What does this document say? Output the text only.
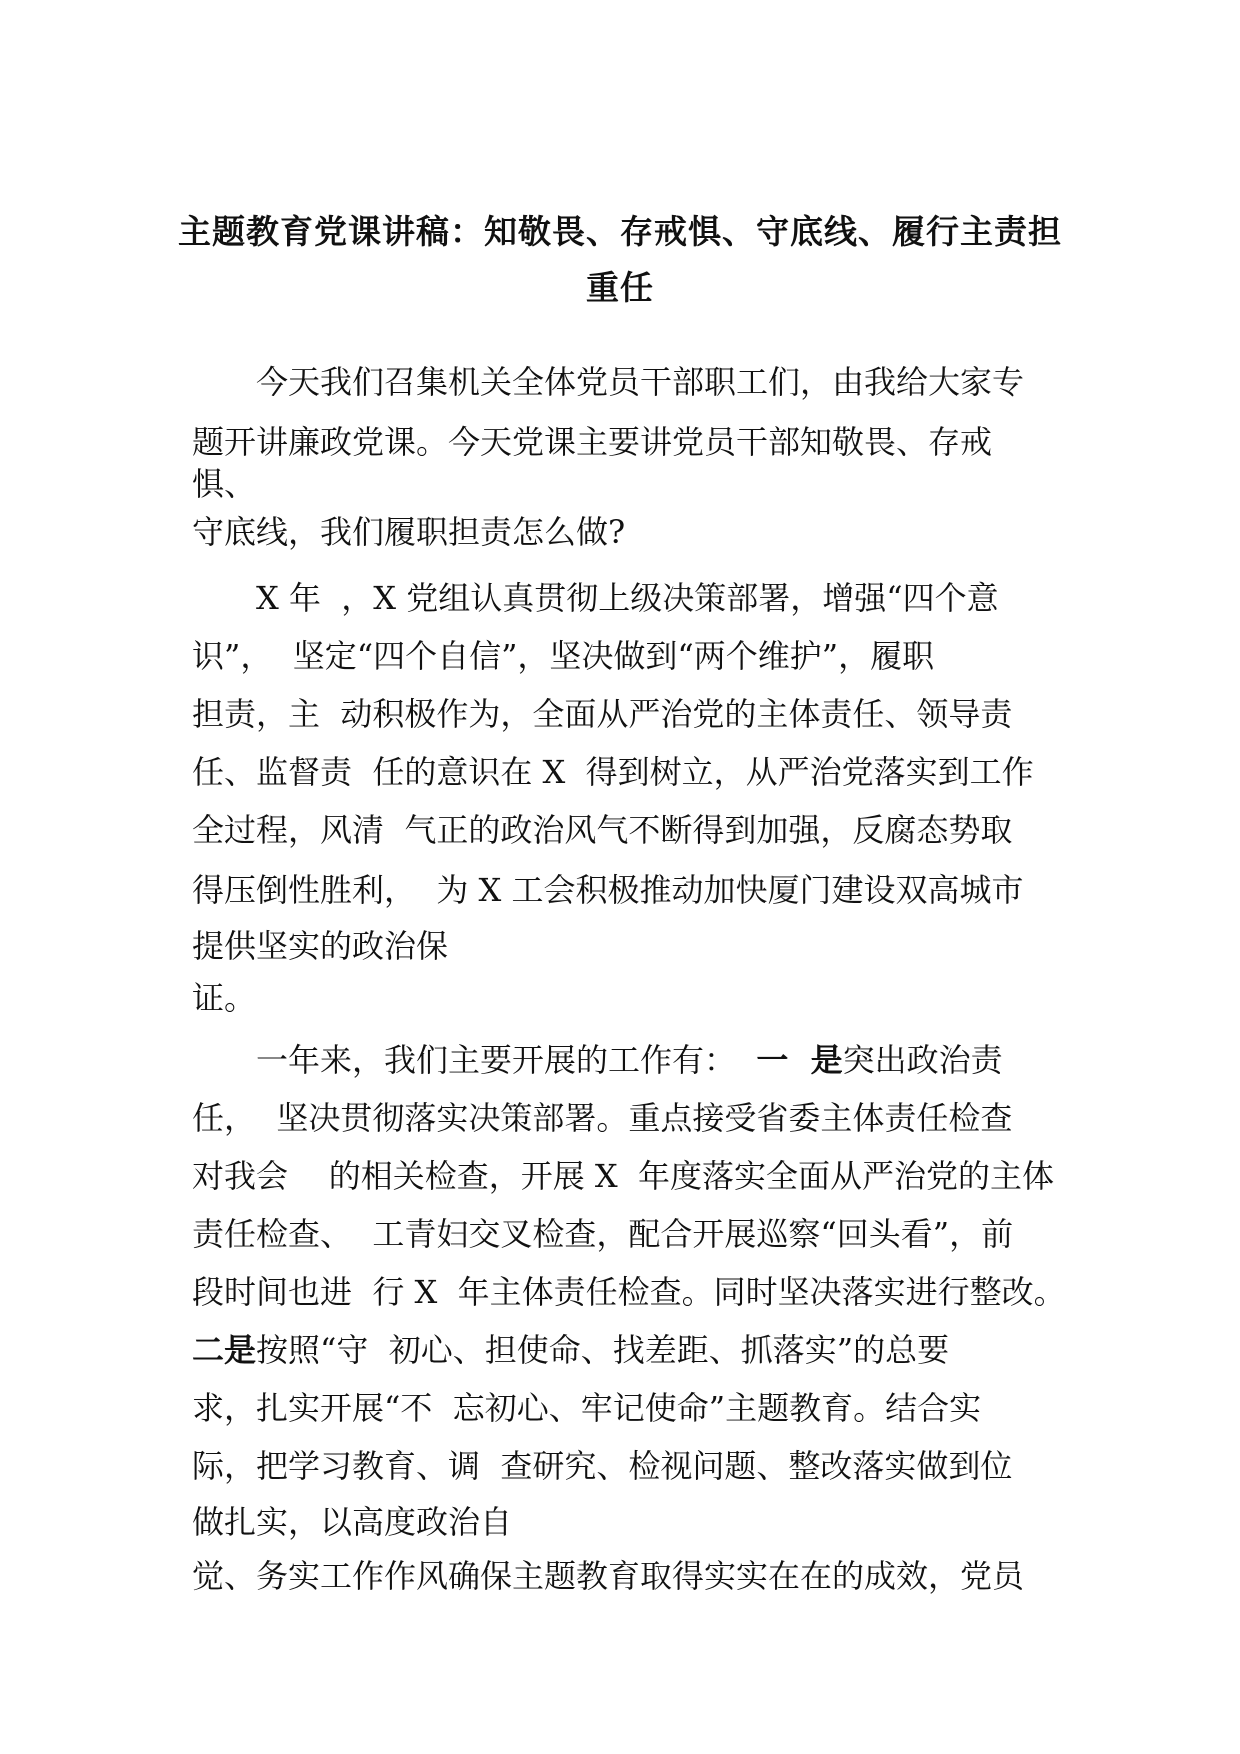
主题教育党课讲稿：知敬畏、存戒惧、守底线、履行主责担
重任

今天我们召集机关全体党员干部职工们，由我给大家专

题开讲廉政党课。今天党课主要讲党员干部知敬畏、存戒

惧、

守底线，我们履职担责怎么做?

X 年  ，X 党组认真贯彻上级决策部署，增强“四个意

识”，  坚定“四个自信”，坚决做到“两个维护”，履职

担责，主  动积极作为，全面从严治党的主体责任、领导责

任、监督责  任的意识在 X  得到树立，从严治党落实到工作

全过程，风清  气正的政治风气不断得到加强，反腐态势取

得压倒性胜利，  为 X 工会积极推动加快厦门建设双高城市

提供坚实的政治保

证。

一年来，我们主要开展的工作有：  一  是突出政治责

任，  坚决贯彻落实决策部署。重点接受省委主体责任检查

对我会    的相关检查，开展 X  年度落实全面从严治党的主体

责任检查、  工青妇交叉检查，配合开展巡察“回头看”，前

段时间也进  行 X  年主体责任检查。同时坚决落实进行整改。

二是按照“守  初心、担使命、找差距、抓落实”的总要

求，扎实开展“不  忘初心、牢记使命”主题教育。结合实

际，把学习教育、调  查研究、检视问题、整改落实做到位

做扎实，以高度政治自

觉、务实工作作风确保主题教育取得实实在在的成效，党员
